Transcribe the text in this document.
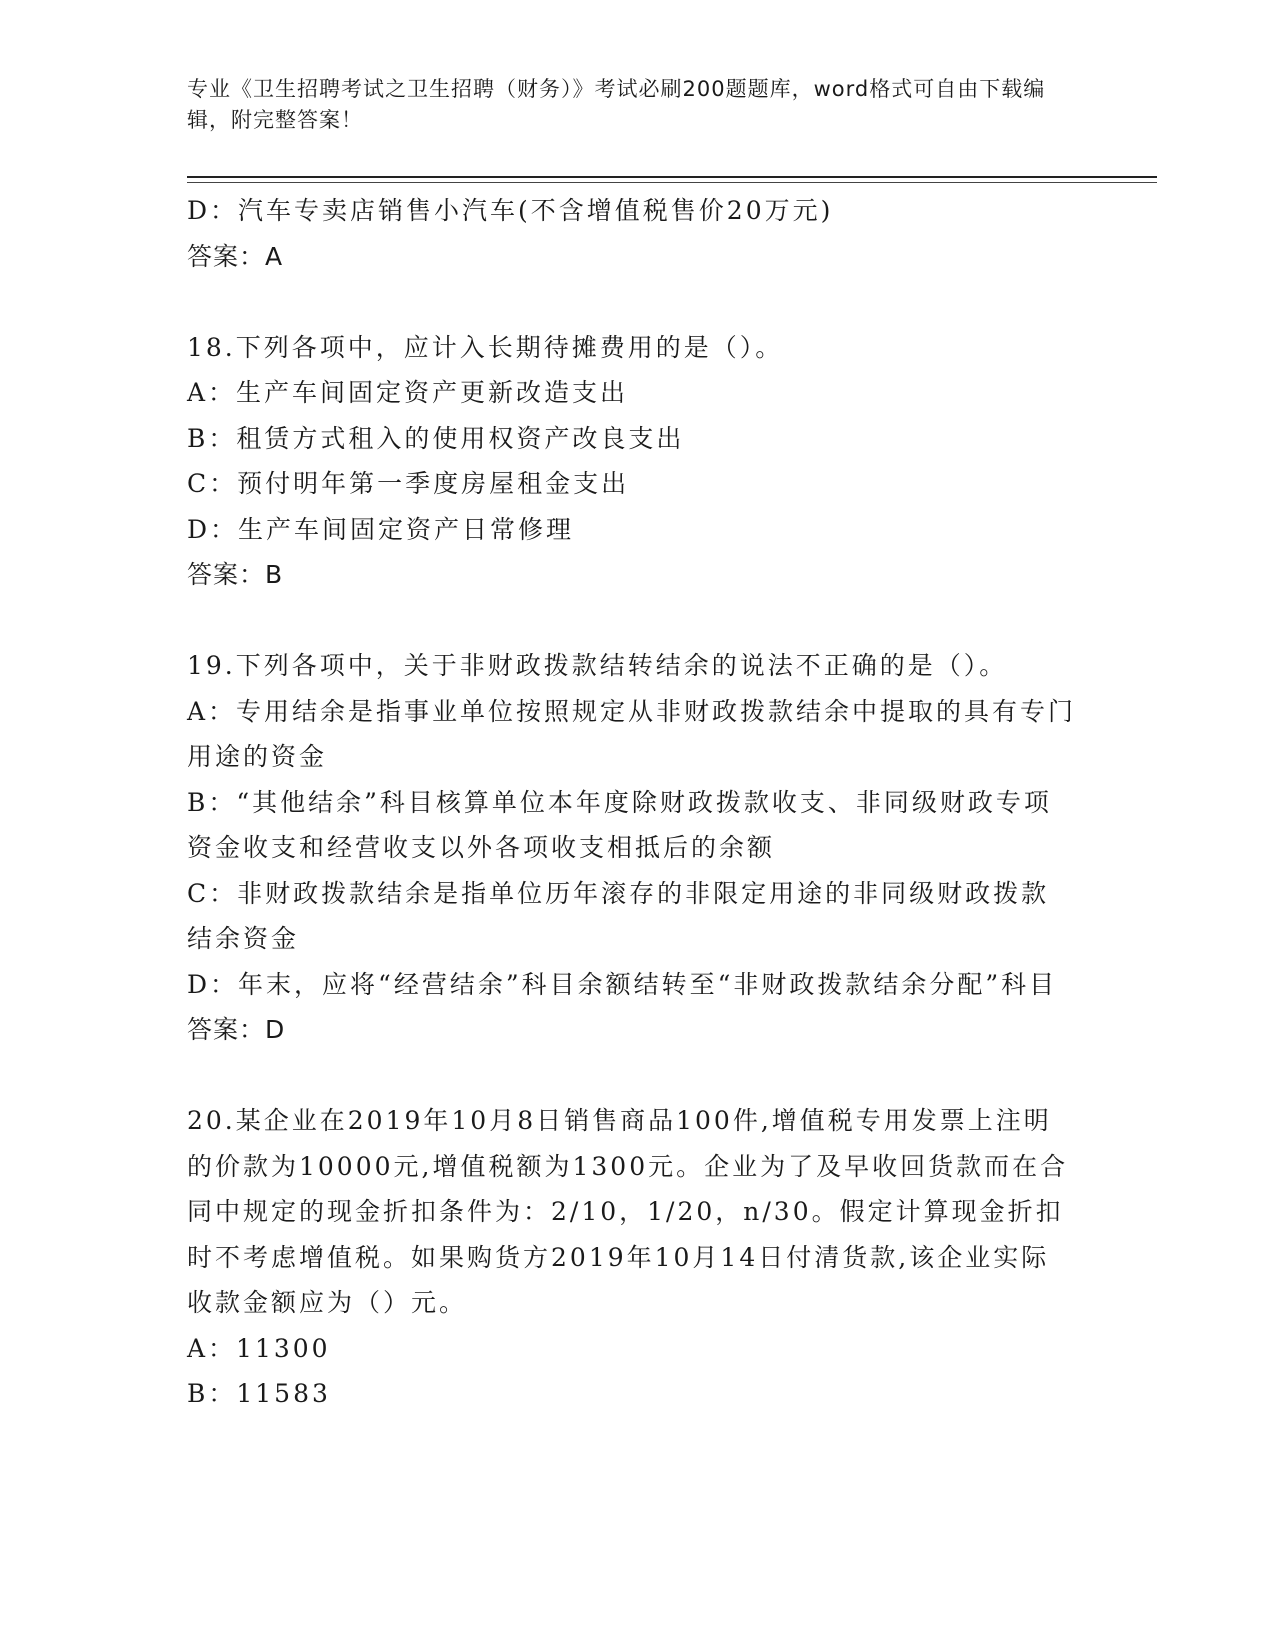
专业《卫生招聘考试之卫生招聘（财务）》考试必刷200题题库，word格式可自由下载编辑，附完整答案！
D：汽车专卖店销售小汽车(不含增值税售价20万元)
答案：A
18.下列各项中，应计入长期待摊费用的是（）。
A：生产车间固定资产更新改造支出
B：租赁方式租入的使用权资产改良支出
C：预付明年第一季度房屋租金支出
D：生产车间固定资产日常修理
答案：B
19.下列各项中，关于非财政拨款结转结余的说法不正确的是（）。
A：专用结余是指事业单位按照规定从非财政拨款结余中提取的具有专门用途的资金
B：“其他结余”科目核算单位本年度除财政拨款收支、非同级财政专项资金收支和经营收支以外各项收支相抵后的余额
C：非财政拨款结余是指单位历年滚存的非限定用途的非同级财政拨款结余资金
D：年末，应将“经营结余”科目余额结转至“非财政拨款结余分配”科目
答案：D
20.某企业在2019年10月8日销售商品100件,增值税专用发票上注明的价款为10000元,增值税额为1300元。企业为了及早收回货款而在合同中规定的现金折扣条件为：2/10，1/20，n/30。假定计算现金折扣时不考虑增值税。如果购货方2019年10月14日付清货款,该企业实际收款金额应为（）元。
A：11300
B：11583
